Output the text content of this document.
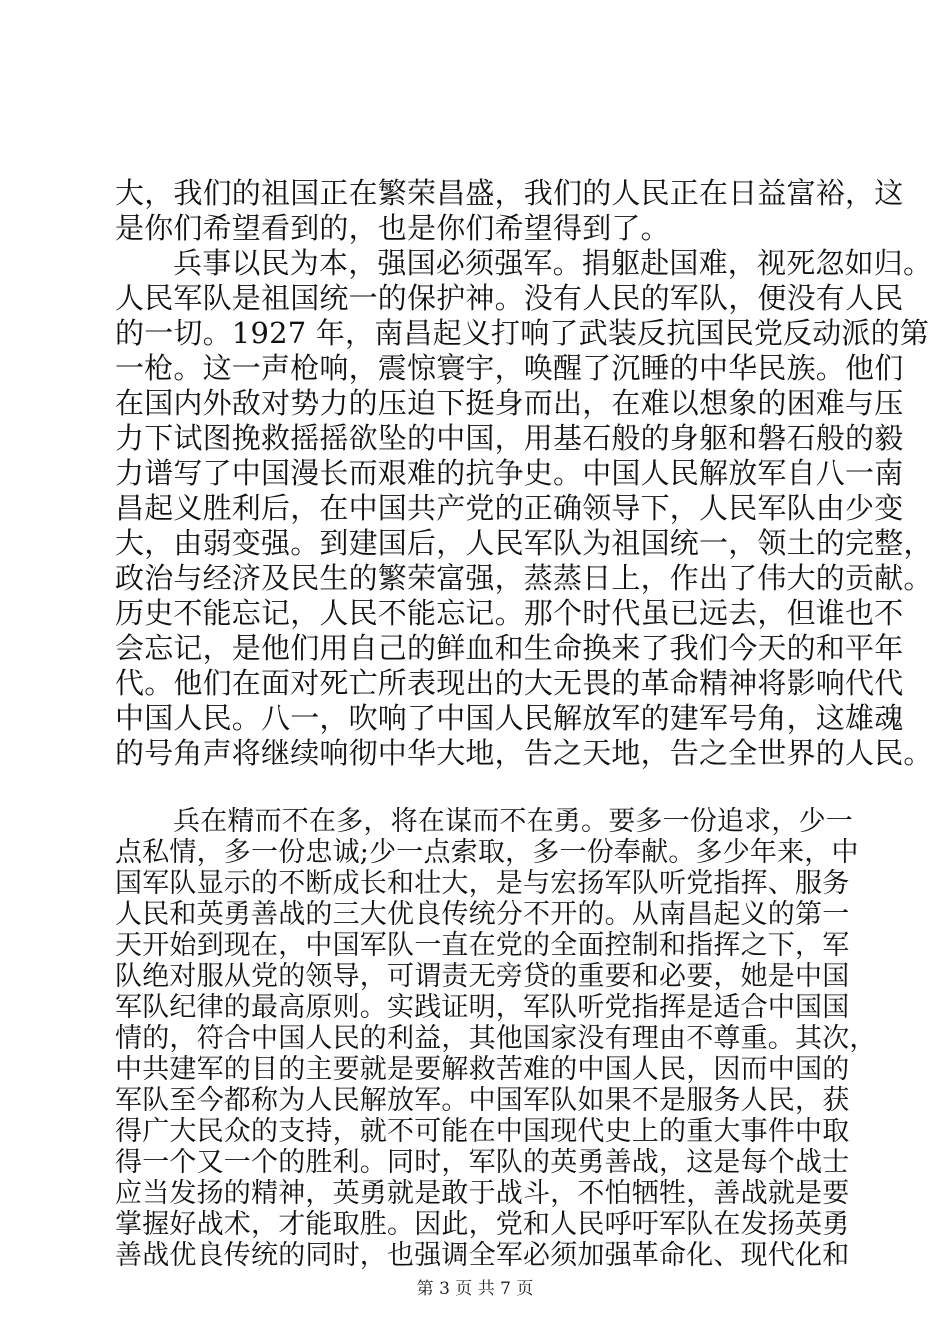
大，我们的祖国正在繁荣昌盛，我们的人民正在日益富裕，这
是你们希望看到的，也是你们希望得到了。
兵事以民为本，强国必须强军。捐躯赴国难，视死忽如归。
人民军队是祖国统一的保护神。没有人民的军队，便没有人民
的一切。1927 年，南昌起义打响了武装反抗国民党反动派的第
一枪。这一声枪响，震惊寰宇，唤醒了沉睡的中华民族。他们
在国内外敌对势力的压迫下挺身而出，在难以想象的困难与压
力下试图挽救摇摇欲坠的中国，用基石般的身躯和磐石般的毅
力谱写了中国漫长而艰难的抗争史。中国人民解放军自八一南
昌起义胜利后，在中国共产党的正确领导下，人民军队由少变
大，由弱变强。到建国后，人民军队为祖国统一，领土的完整，
政治与经济及民生的繁荣富强，蒸蒸日上，作出了伟大的贡献。
历史不能忘记，人民不能忘记。那个时代虽已远去，但谁也不
会忘记，是他们用自己的鲜血和生命换来了我们今天的和平年
代。他们在面对死亡所表现出的大无畏的革命精神将影响代代
中国人民。八一，吹响了中国人民解放军的建军号角，这雄魂
的号角声将继续响彻中华大地，告之天地，告之全世界的人民。
兵在精而不在多，将在谋而不在勇。要多一份追求，少一
点私情，多一份忠诚;少一点索取，多一份奉献。多少年来，中
国军队显示的不断成长和壮大，是与宏扬军队听党指挥、服务
人民和英勇善战的三大优良传统分不开的。从南昌起义的第一
天开始到现在，中国军队一直在党的全面控制和指挥之下，军
队绝对服从党的领导，可谓责无旁贷的重要和必要，她是中国
军队纪律的最高原则。实践证明，军队听党指挥是适合中国国
情的，符合中国人民的利益，其他国家没有理由不尊重。其次，
中共建军的目的主要就是要解救苦难的中国人民，因而中国的
军队至今都称为人民解放军。中国军队如果不是服务人民，获
得广大民众的支持，就不可能在中国现代史上的重大事件中取
得一个又一个的胜利。同时，军队的英勇善战，这是每个战士
应当发扬的精神，英勇就是敢于战斗，不怕牺牲，善战就是要
掌握好战术，才能取胜。因此，党和人民呼吁军队在发扬英勇
善战优良传统的同时，也强调全军必须加强革命化、现代化和
第 3 页 共 7 页
